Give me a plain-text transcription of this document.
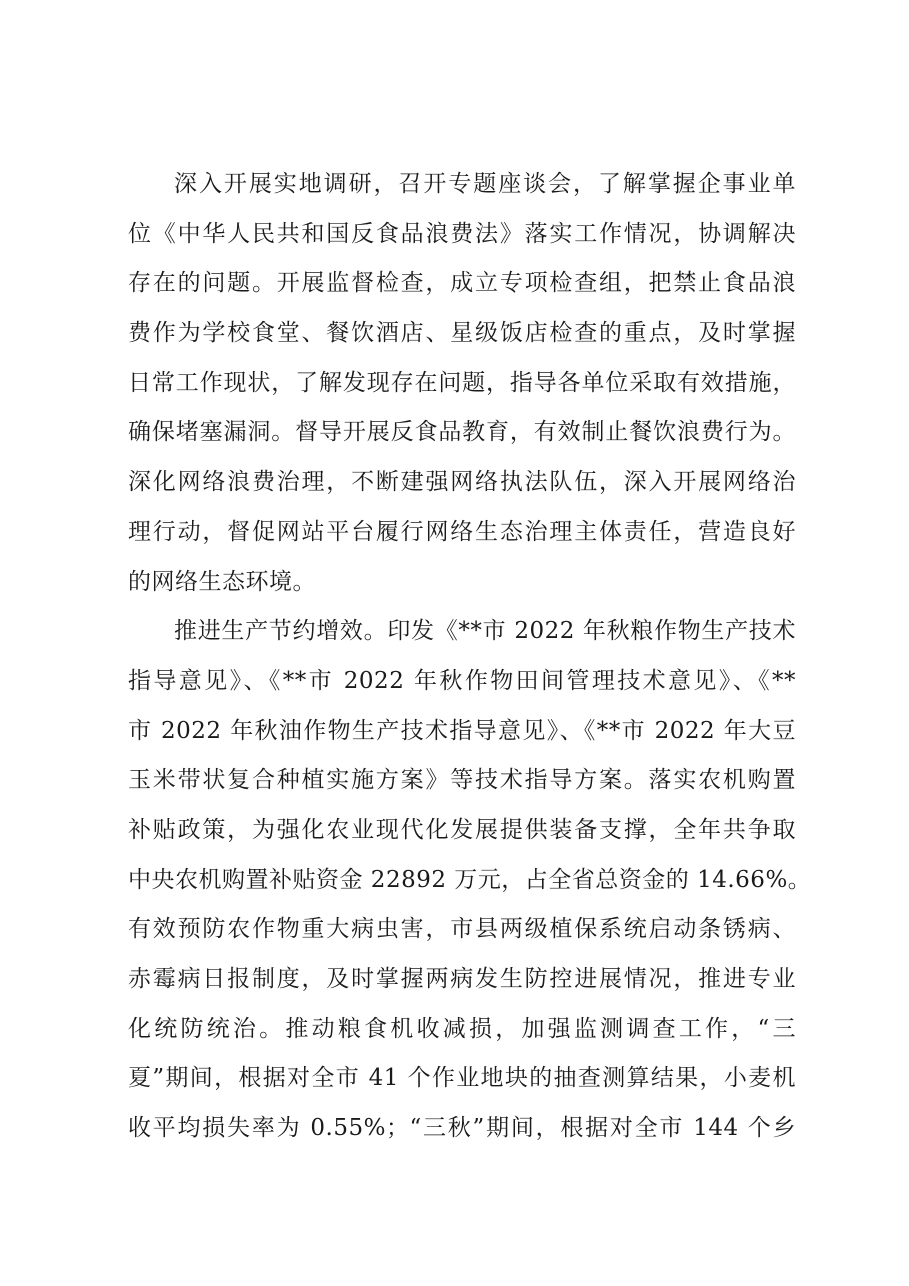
深入开展实地调研，召开专题座谈会，了解掌握企事业单
位《中华人民共和国反食品浪费法》落实工作情况，协调解决
存在的问题。开展监督检查，成立专项检查组，把禁止食品浪
费作为学校食堂、餐饮酒店、星级饭店检查的重点，及时掌握
日常工作现状，了解发现存在问题，指导各单位采取有效措施，
确保堵塞漏洞。督导开展反食品教育，有效制止餐饮浪费行为。
深化网络浪费治理，不断建强网络执法队伍，深入开展网络治
理行动，督促网站平台履行网络生态治理主体责任，营造良好
的网络生态环境。
推进生产节约增效。印发《**市 2022 年秋粮作物生产技术
指导意见》、《**市 2022 年秋作物田间管理技术意见》、《**
市 2022 年秋油作物生产技术指导意见》、《**市 2022 年大豆
玉米带状复合种植实施方案》等技术指导方案。落实农机购置
补贴政策，为强化农业现代化发展提供装备支撑，全年共争取
中央农机购置补贴资金 22892 万元，占全省总资金的 14.66%。
有效预防农作物重大病虫害，市县两级植保系统启动条锈病、
赤霉病日报制度，及时掌握两病发生防控进展情况，推进专业
化统防统治。推动粮食机收减损，加强监测调查工作，“三
夏”期间，根据对全市 41 个作业地块的抽查测算结果，小麦机
收平均损失率为 0.55%；“三秋”期间，根据对全市 144 个乡
